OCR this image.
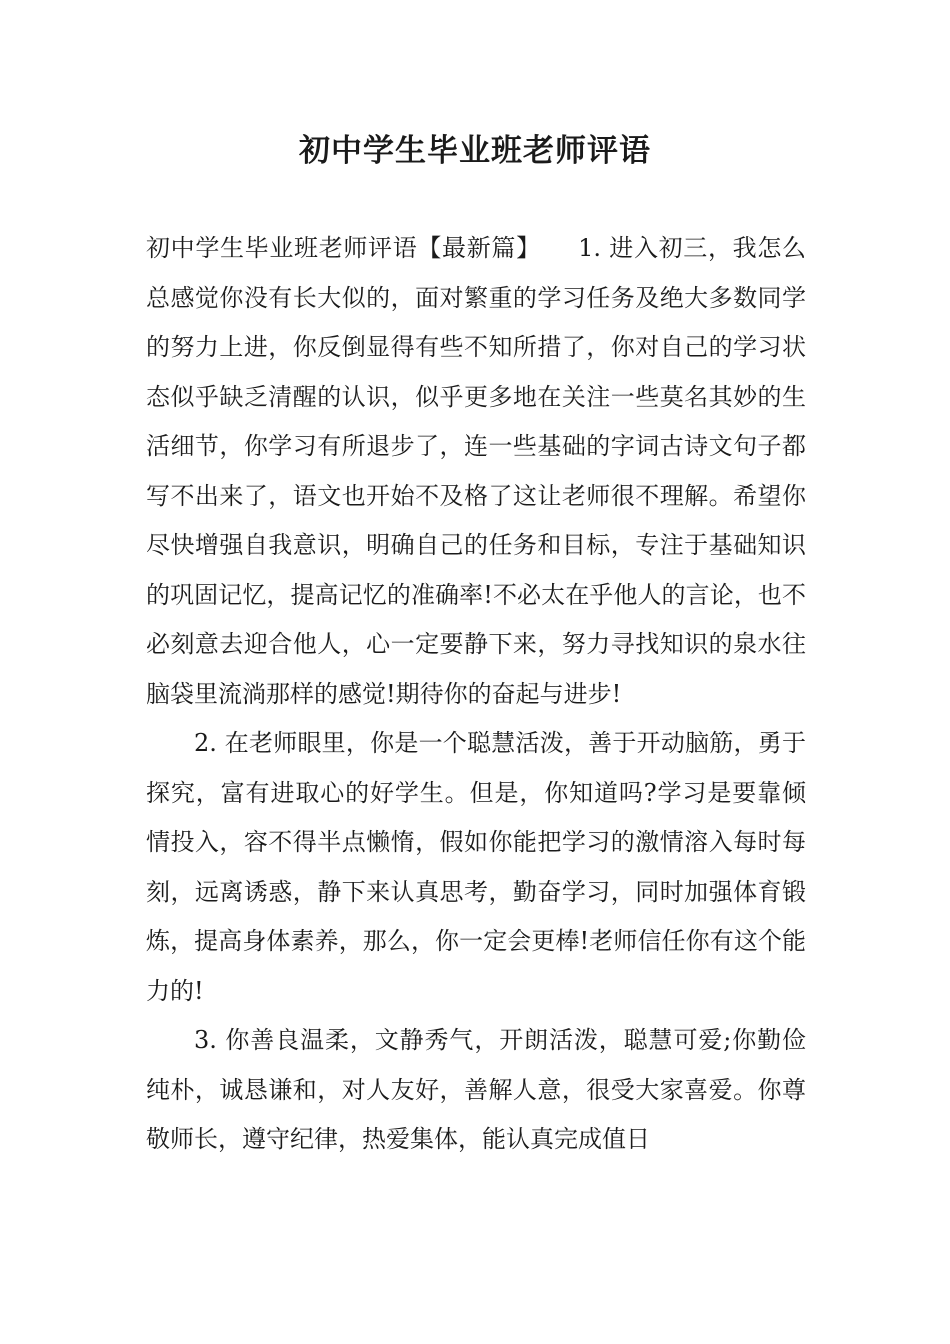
初中学生毕业班老师评语

初中学生毕业班老师评语【最新篇】　　1. 进入初三，我怎么总感觉你没有长大似的，面对繁重的学习任务及绝大多数同学的努力上进，你反倒显得有些不知所措了，你对自己的学习状态似乎缺乏清醒的认识，似乎更多地在关注一些莫名其妙的生活细节，你学习有所退步了，连一些基础的字词古诗文句子都写不出来了，语文也开始不及格了这让老师很不理解。希望你尽快增强自我意识，明确自己的任务和目标，专注于基础知识的巩固记忆，提高记忆的准确率!不必太在乎他人的言论，也不必刻意去迎合他人，心一定要静下来，努力寻找知识的泉水往脑袋里流淌那样的感觉!期待你的奋起与进步!

2. 在老师眼里，你是一个聪慧活泼，善于开动脑筋，勇于探究，富有进取心的好学生。但是，你知道吗?学习是要靠倾情投入，容不得半点懒惰，假如你能把学习的激情溶入每时每刻，远离诱惑，静下来认真思考，勤奋学习，同时加强体育锻炼，提高身体素养，那么，你一定会更棒!老师信任你有这个能力的!

3. 你善良温柔，文静秀气，开朗活泼，聪慧可爱;你勤俭纯朴，诚恳谦和，对人友好，善解人意，很受大家喜爱。你尊敬师长，遵守纪律，热爱集体，能认真完成值日
